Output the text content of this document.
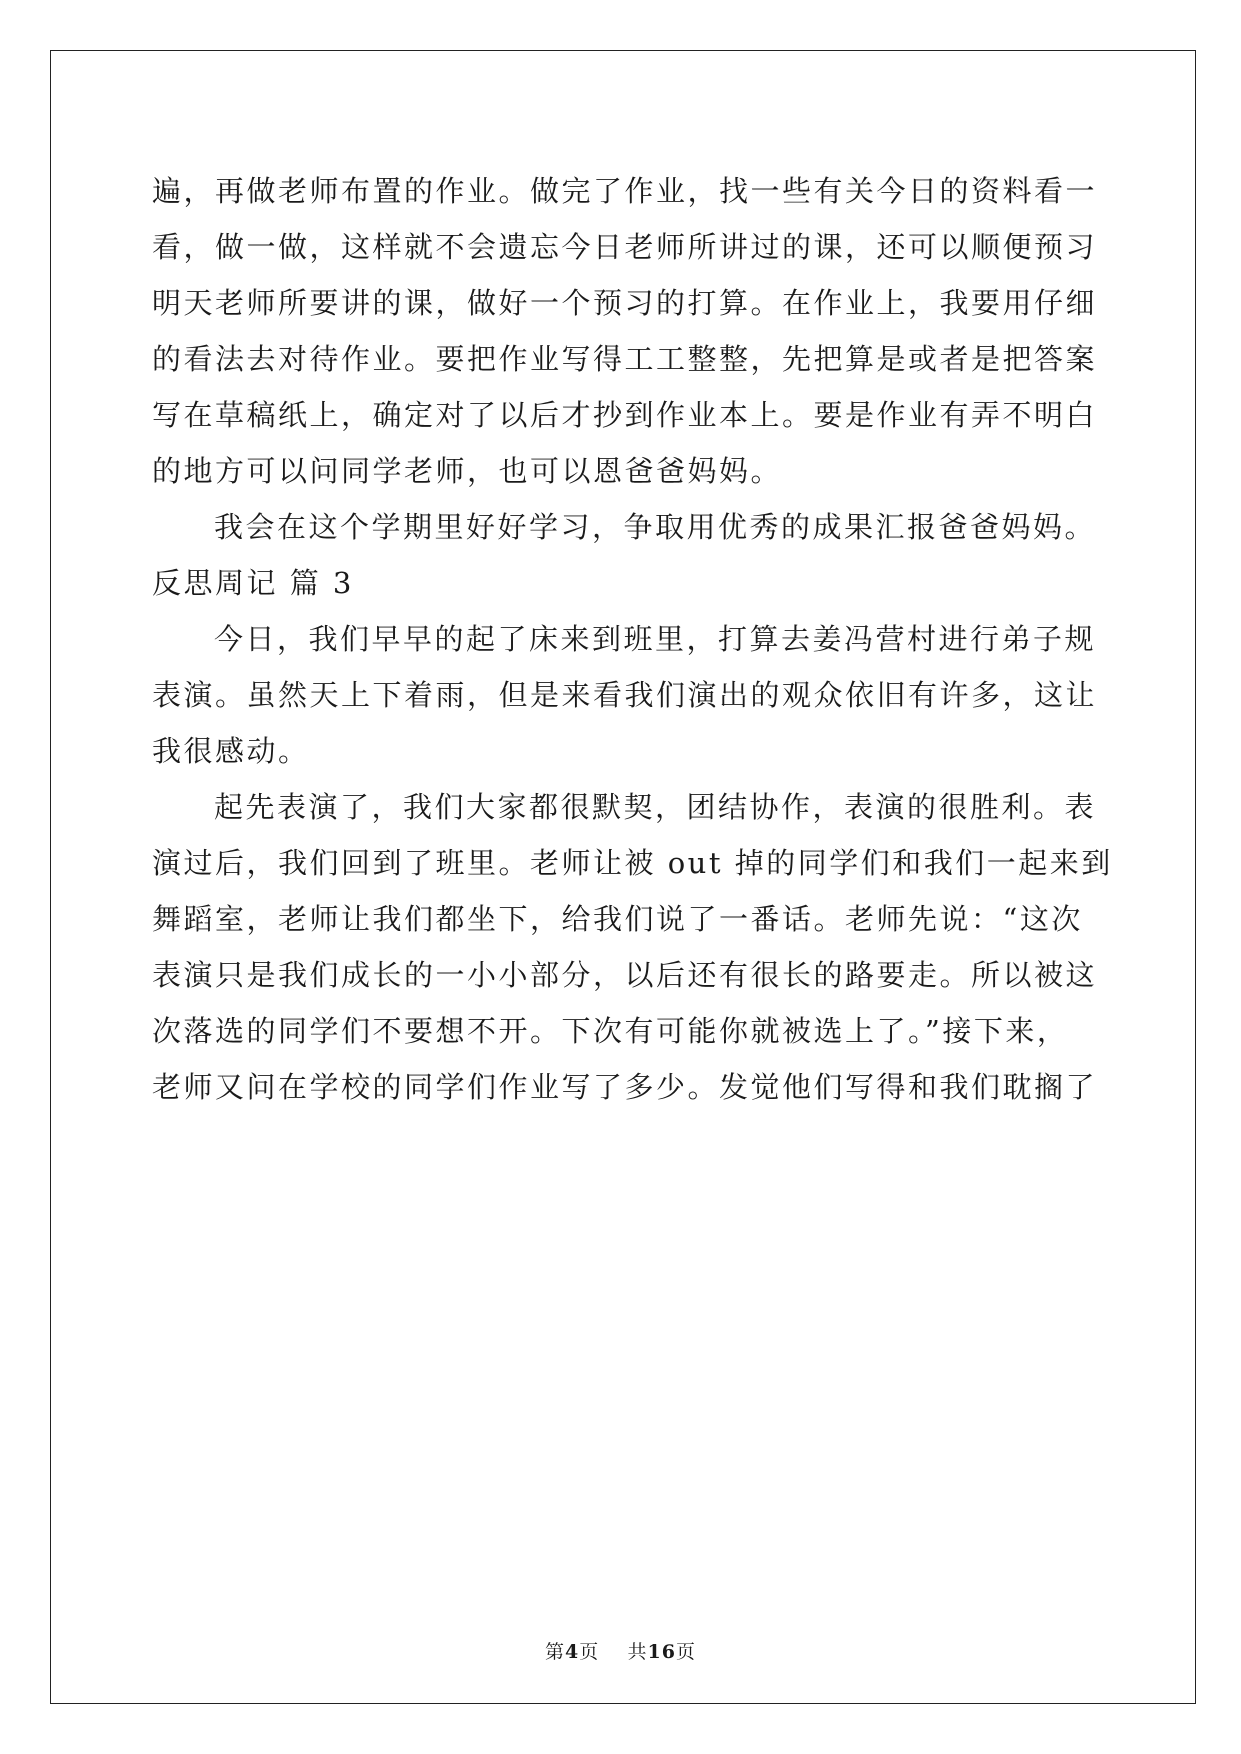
遍，再做老师布置的作业。做完了作业，找一些有关今日的资料看一
看，做一做，这样就不会遗忘今日老师所讲过的课，还可以顺便预习
明天老师所要讲的课，做好一个预习的打算。在作业上，我要用仔细
的看法去对待作业。要把作业写得工工整整，先把算是或者是把答案
写在草稿纸上，确定对了以后才抄到作业本上。要是作业有弄不明白
的地方可以问同学老师，也可以恩爸爸妈妈。
我会在这个学期里好好学习，争取用优秀的成果汇报爸爸妈妈。
反思周记 篇 3
今日，我们早早的起了床来到班里，打算去姜冯营村进行弟子规
表演。虽然天上下着雨，但是来看我们演出的观众依旧有许多，这让
我很感动。
起先表演了，我们大家都很默契，团结协作，表演的很胜利。表
演过后，我们回到了班里。老师让被 out 掉的同学们和我们一起来到
舞蹈室，老师让我们都坐下，给我们说了一番话。老师先说：“这次
表演只是我们成长的一小小部分，以后还有很长的路要走。所以被这
次落选的同学们不要想不开。下次有可能你就被选上了。”接下来，
老师又问在学校的同学们作业写了多少。发觉他们写得和我们耽搁了
第4页 共16页
